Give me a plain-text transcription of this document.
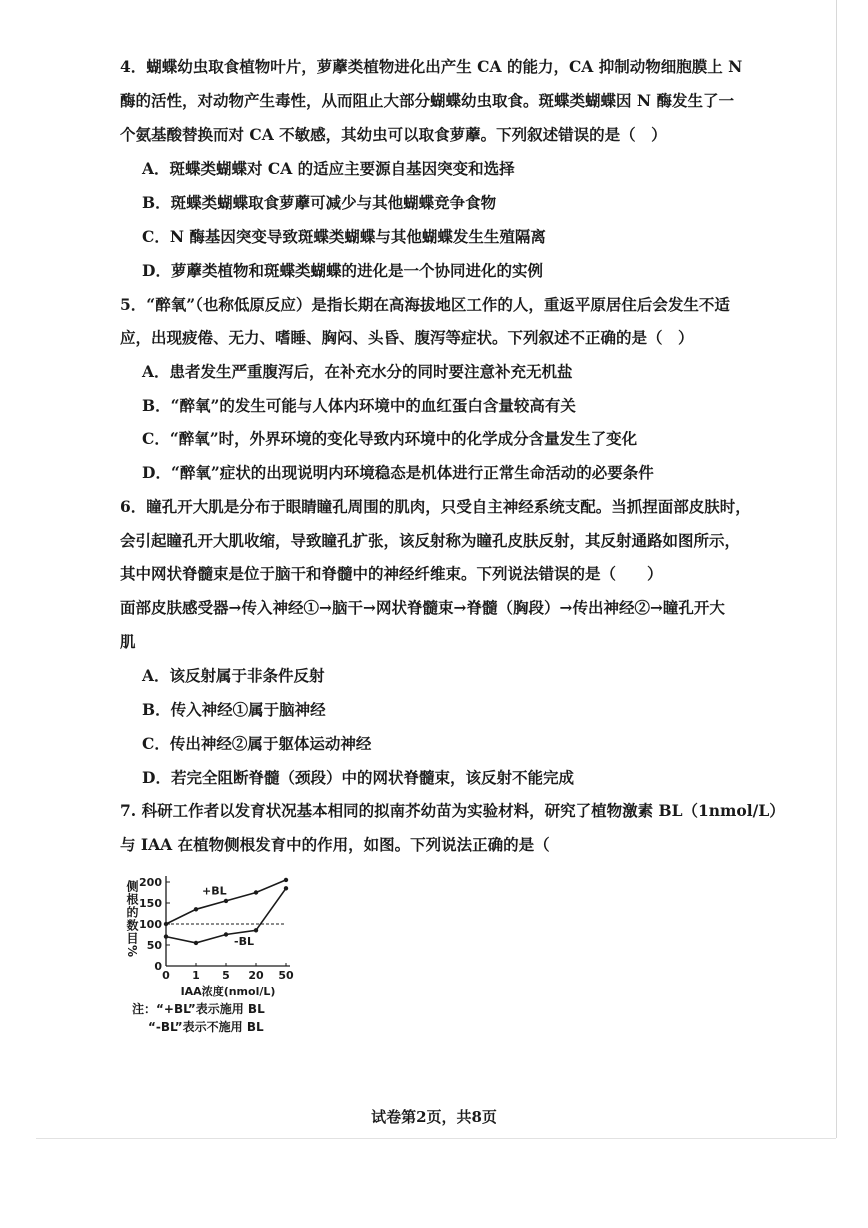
4．蝴蝶幼虫取食植物叶片，萝藦类植物进化出产生 CA 的能力，CA 抑制动物细胞膜上 N
酶的活性，对动物产生毒性，从而阻止大部分蝴蝶幼虫取食。斑蝶类蝴蝶因 N 酶发生了一
个氨基酸替换而对 CA 不敏感，其幼虫可以取食萝藦。下列叙述错误的是（　）
A．斑蝶类蝴蝶对 CA 的适应主要源自基因突变和选择
B．斑蝶类蝴蝶取食萝藦可减少与其他蝴蝶竞争食物
C．N 酶基因突变导致斑蝶类蝴蝶与其他蝴蝶发生生殖隔离
D．萝藦类植物和斑蝶类蝴蝶的进化是一个协同进化的实例
5．“醉氧”（也称低原反应）是指长期在高海拔地区工作的人，重返平原居住后会发生不适
应，出现疲倦、无力、嗜睡、胸闷、头昏、腹泻等症状。下列叙述不正确的是（　）
A．患者发生严重腹泻后，在补充水分的同时要注意补充无机盐
B．“醉氧”的发生可能与人体内环境中的血红蛋白含量较高有关
C．“醉氧”时，外界环境的变化导致内环境中的化学成分含量发生了变化
D．“醉氧”症状的出现说明内环境稳态是机体进行正常生命活动的必要条件
6．瞳孔开大肌是分布于眼睛瞳孔周围的肌肉，只受自主神经系统支配。当抓捏面部皮肤时，
会引起瞳孔开大肌收缩，导致瞳孔扩张，该反射称为瞳孔皮肤反射，其反射通路如图所示，
其中网状脊髓束是位于脑干和脊髓中的神经纤维束。下列说法错误的是（　　）
面部皮肤感受器→传入神经①→脑干→网状脊髓束→脊髓（胸段）→传出神经②→瞳孔开大
肌
A．该反射属于非条件反射
B．传入神经①属于脑神经
C．传出神经②属于躯体运动神经
D．若完全阻断脊髓（颈段）中的网状脊髓束，该反射不能完成
7. 科研工作者以发育状况基本相同的拟南芥幼苗为实验材料，研究了植物激素 BL（1nmol/L）
与 IAA 在植物侧根发育中的作用，如图。下列说法正确的是（
0
50
100
150
200
0 1 5 20 50
侧根的数目%
IAA浓度(nmol/L)
+BL
-BL
注：“+BL”表示施用 BL
“-BL”表示不施用 BL
试卷第2页，共8页
